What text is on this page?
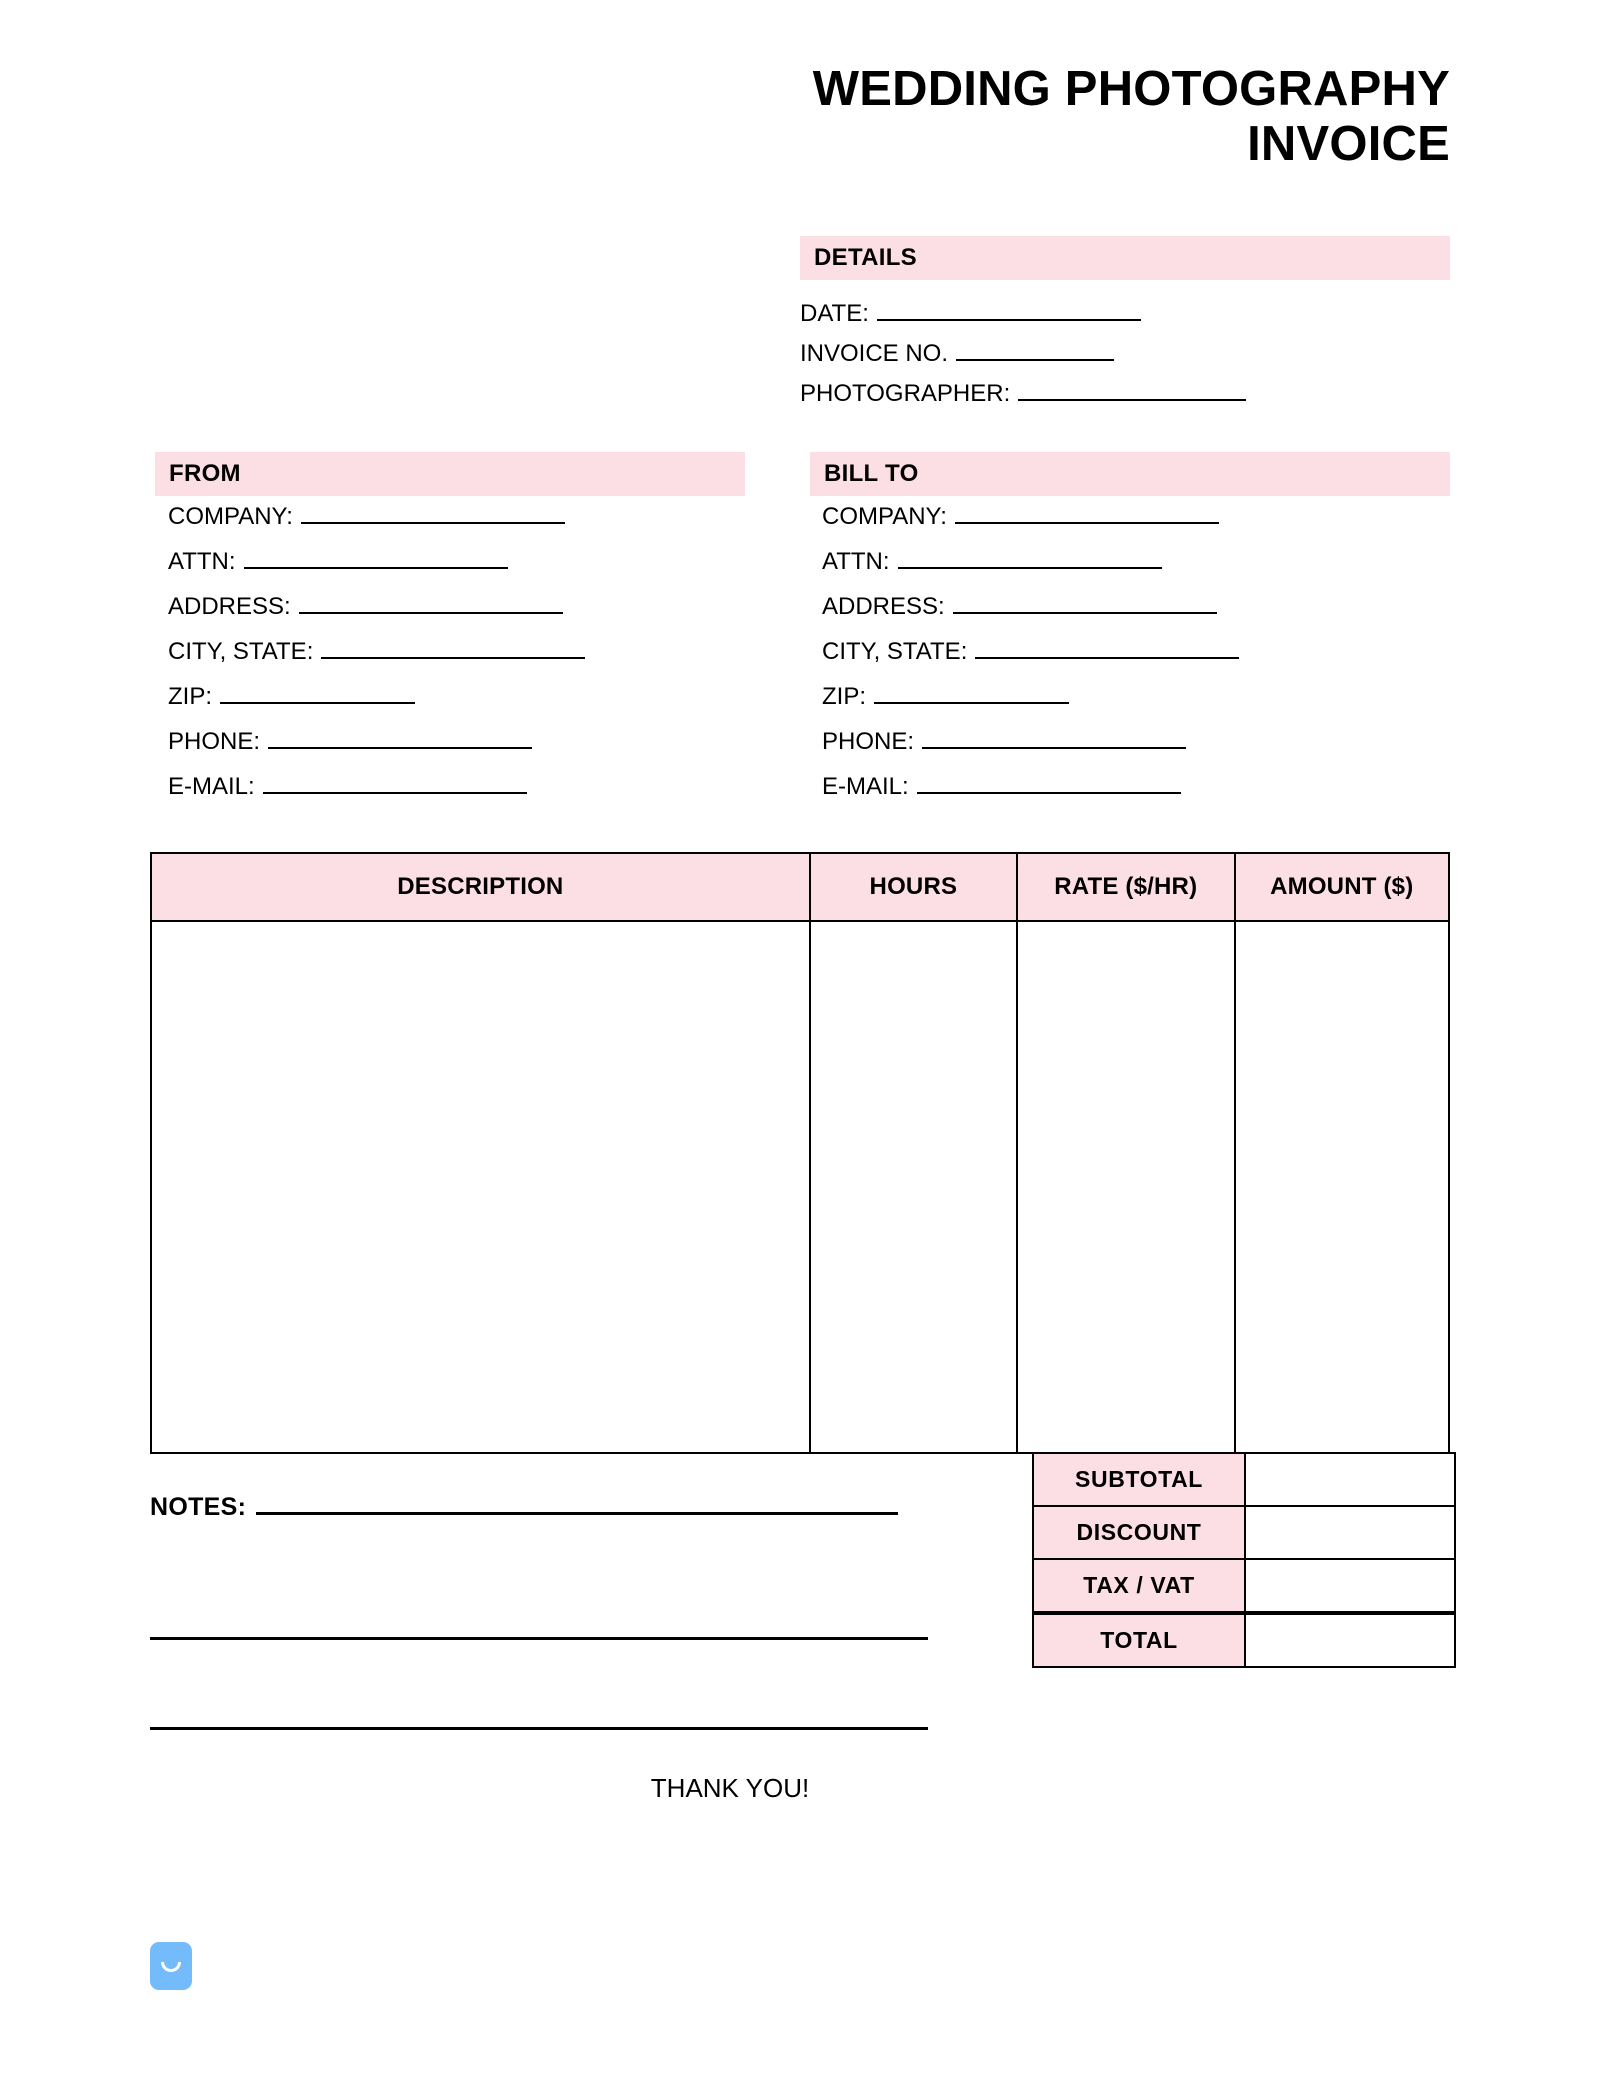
WEDDING PHOTOGRAPHY
INVOICE
DETAILS
DATE:
INVOICE NO.
PHOTOGRAPHER:
FROM
COMPANY:
ATTN:
ADDRESS:
CITY, STATE:
ZIP:
PHONE:
E-MAIL:
BILL TO
COMPANY:
ATTN:
ADDRESS:
CITY, STATE:
ZIP:
PHONE:
E-MAIL:
DESCRIPTION	HOURS	RATE ($/HR)	AMOUNT ($)

SUBTOTAL	
DISCOUNT	
TAX / VAT	
TOTAL	
NOTES:
THANK YOU!
